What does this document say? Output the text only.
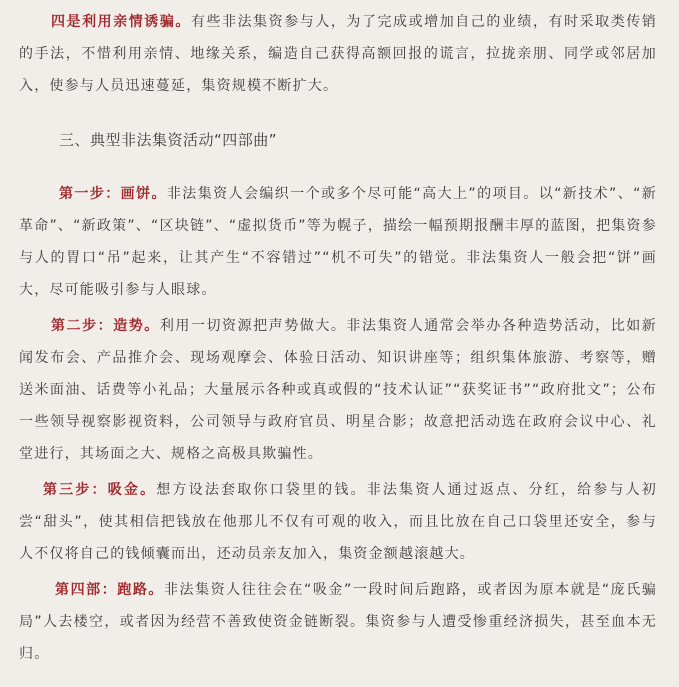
四是利用亲情诱骗。有些非法集资参与人，为了完成或增加自己的业绩，有时采取类传销的手法，不惜利用亲情、地缘关系，编造自己获得高额回报的谎言，拉拢亲朋、同学或邻居加入，使参与人员迅速蔓延，集资规模不断扩大。

三、典型非法集资活动“四部曲”

第一步：画饼。非法集资人会编织一个或多个尽可能“高大上”的项目。以“新技术”、“新革命”、“新政策”、“区块链”、“虚拟货币”等为幌子，描绘一幅预期报酬丰厚的蓝图，把集资参与人的胃口“吊”起来，让其产生“不容错过”“机不可失”的错觉。非法集资人一般会把“饼”画大，尽可能吸引参与人眼球。

第二步：造势。利用一切资源把声势做大。非法集资人通常会举办各种造势活动，比如新闻发布会、产品推介会、现场观摩会、体验日活动、知识讲座等；组织集体旅游、考察等，赠送米面油、话费等小礼品；大量展示各种或真或假的“技术认证”“获奖证书”“政府批文”；公布一些领导视察影视资料，公司领导与政府官员、明星合影；故意把活动选在政府会议中心、礼堂进行，其场面之大、规格之高极具欺骗性。

第三步：吸金。想方设法套取你口袋里的钱。非法集资人通过返点、分红，给参与人初尝“甜头”，使其相信把钱放在他那儿不仅有可观的收入，而且比放在自己口袋里还安全，参与人不仅将自己的钱倾囊而出，还动员亲友加入，集资金额越滚越大。

第四部：跑路。非法集资人往往会在“吸金”一段时间后跑路，或者因为原本就是“庞氏骗局”人去楼空，或者因为经营不善致使资金链断裂。集资参与人遭受惨重经济损失，甚至血本无归。
